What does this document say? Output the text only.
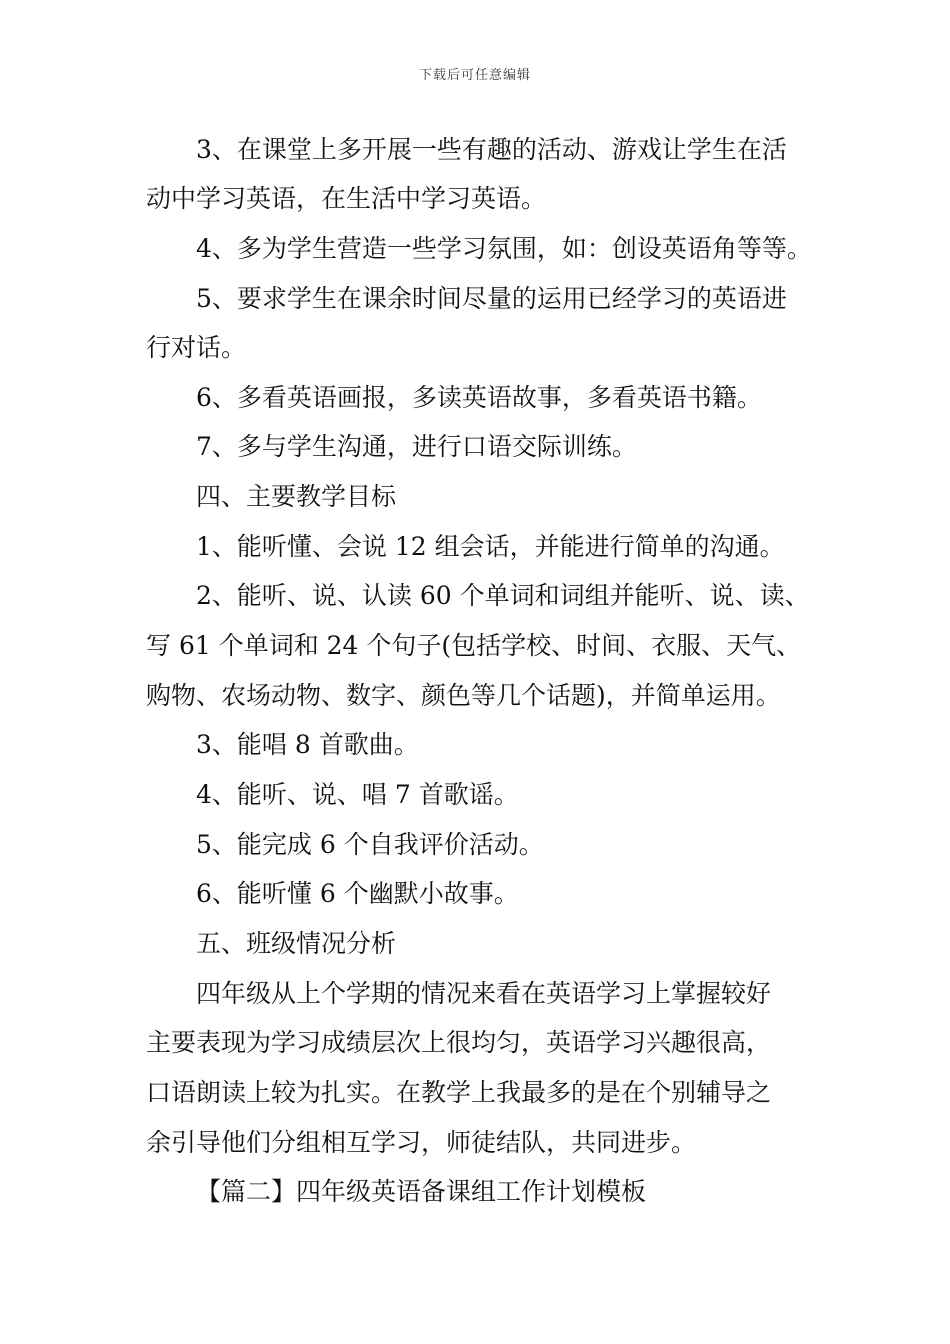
下载后可任意编辑
3、在课堂上多开展一些有趣的活动、游戏让学生在活
动中学习英语，在生活中学习英语。
4、多为学生营造一些学习氛围，如：创设英语角等等。
5、要求学生在课余时间尽量的运用已经学习的英语进
行对话。
6、多看英语画报，多读英语故事，多看英语书籍。
7、多与学生沟通，进行口语交际训练。
四、主要教学目标
1、能听懂、会说 12 组会话，并能进行简单的沟通。
2、能听、说、认读 60 个单词和词组并能听、说、读、
写 61 个单词和 24 个句子(包括学校、时间、衣服、天气、
购物、农场动物、数字、颜色等几个话题)，并简单运用。
3、能唱 8 首歌曲。
4、能听、说、唱 7 首歌谣。
5、能完成 6 个自我评价活动。
6、能听懂 6 个幽默小故事。
五、班级情况分析
四年级从上个学期的情况来看在英语学习上掌握较好
主要表现为学习成绩层次上很均匀，英语学习兴趣很高，
口语朗读上较为扎实。在教学上我最多的是在个别辅导之
余引导他们分组相互学习，师徒结队，共同进步。
【篇二】四年级英语备课组工作计划模板
